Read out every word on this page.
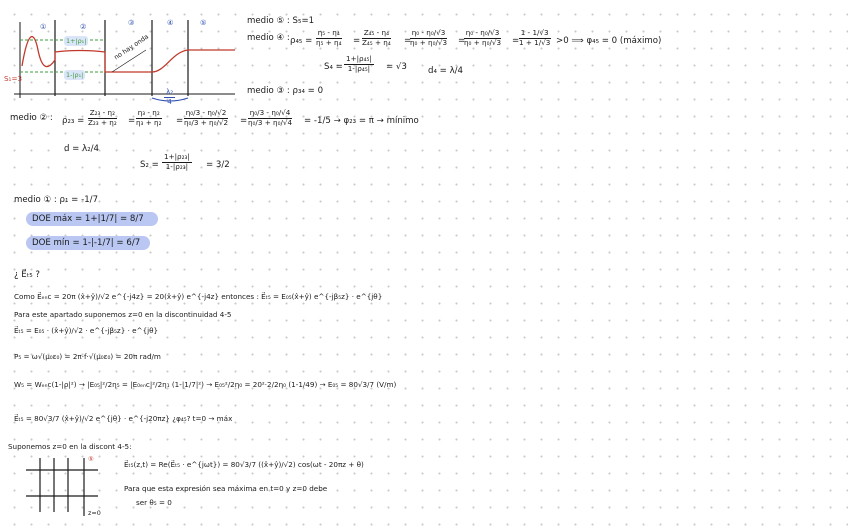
①	②	③	④	⑤
S₁=3
1+|ρ₁|
1-|ρ₁|
no hay onda
$\frac{\text{λ₂}}{4}$
medio ⑤ : S₅=1
medio ④ : $\rho_{45} = \frac{\text{η₅ - η₄}}{\text{η₅ + η₄}} = \frac{\text{Z₄₅ - η₄}}{\text{Z₄₅ + η₄}}$ =
$\frac{\text{η₀ - η₀/√3}}{\text{η₀ + η₀/√3}}$ =
$\frac{\text{η₀ - η₀/√3}}{\text{η₀ + η₀/√3}}$ =
$\frac{1 - 1/√3}{1 + 1/√3} >0$ ⟹ φ₄₅ = 0 (máximo)
$S_4 = \frac{\text{1+|ρ₄₅|}}{\text{1-|ρ₄₅|}} = √3$ d₄ = λ/4
medio ③ : ρ₃₄ = 0
medio ② : $\rho_{23} = \frac{\text{Z₂₃ - η₂}}{\text{Z₂₃ + η₂}}$ =
$\frac{\text{η₃ - η₂}}{\text{η₃ + η₂}}$ =
$\frac{\text{η₀/3 - η₀/√2}}{\text{η₀/3 + η₀/√2}}$ =
$\frac{\text{η₀/3 - η₀/√4}}{\text{η₀/3 + η₀/√4}} = -1/5 \to \varphi_{23} = \pi$ → mínimo
d = λ₂/4
$S_2 = \frac{\text{1+|ρ₂₃|}}{\text{1-|ρ₂₃|}} = 3/2$
medio ① : ρ₁ = -1/7
DOE máx = 1+|1/7| = 8/7
DOE mín = 1-|-1/7| = 6/7
¿ E⃗ₜ₅ ?
Como E⃗ₑₙc = 20π (x̂+ŷ)/√2 e^{-j4z} = 20(x̂+ŷ) e^{-j4z} entonces : E⃗ₜ₅ = E₀₅(x̂+ŷ) e^{-jβ₅z} · e^{jθ}
Para este apartado suponemos z=0 en la discontinuidad 4-5
E⃗ₜ₅ = E₀₅ · (x̂+ŷ)/√2 · e^{-jβ₅z} · e^{jθ}
P₅ = ω√(μ₀ε₀) = 2π·f·√(μ₀ε₀) = 20π rad/m
W₅ = Wₑₙc(1-|ρ|²) → |E₀₅|²/2η₅ = |E₀ₑₙc|²/2η₁ (1-|1/7|²) → E₀₅²/2η₀ = 20²·2/2η₀ (1-1/49) → E₀₅ = 80√3/7 (V/m)
E⃗ₜ₅ = 80√3/7 (x̂+ŷ)/√2 e^{jθ} · e^{-j20πz} ¿φ₄₅? t=0 → máx
Suponemos z=0 en la discont 4-5:
E⃗ₜ₅(z,t) = Re(E⃗ₜ₅ · e^{jωt}) = 80√3/7 ((x̂+ŷ)/√2) cos(ωt - 20πz + θ)
Para que esta expresión sea máxima en t=0 y z=0 debe
ser θ₅ = 0
⑤
z=0
